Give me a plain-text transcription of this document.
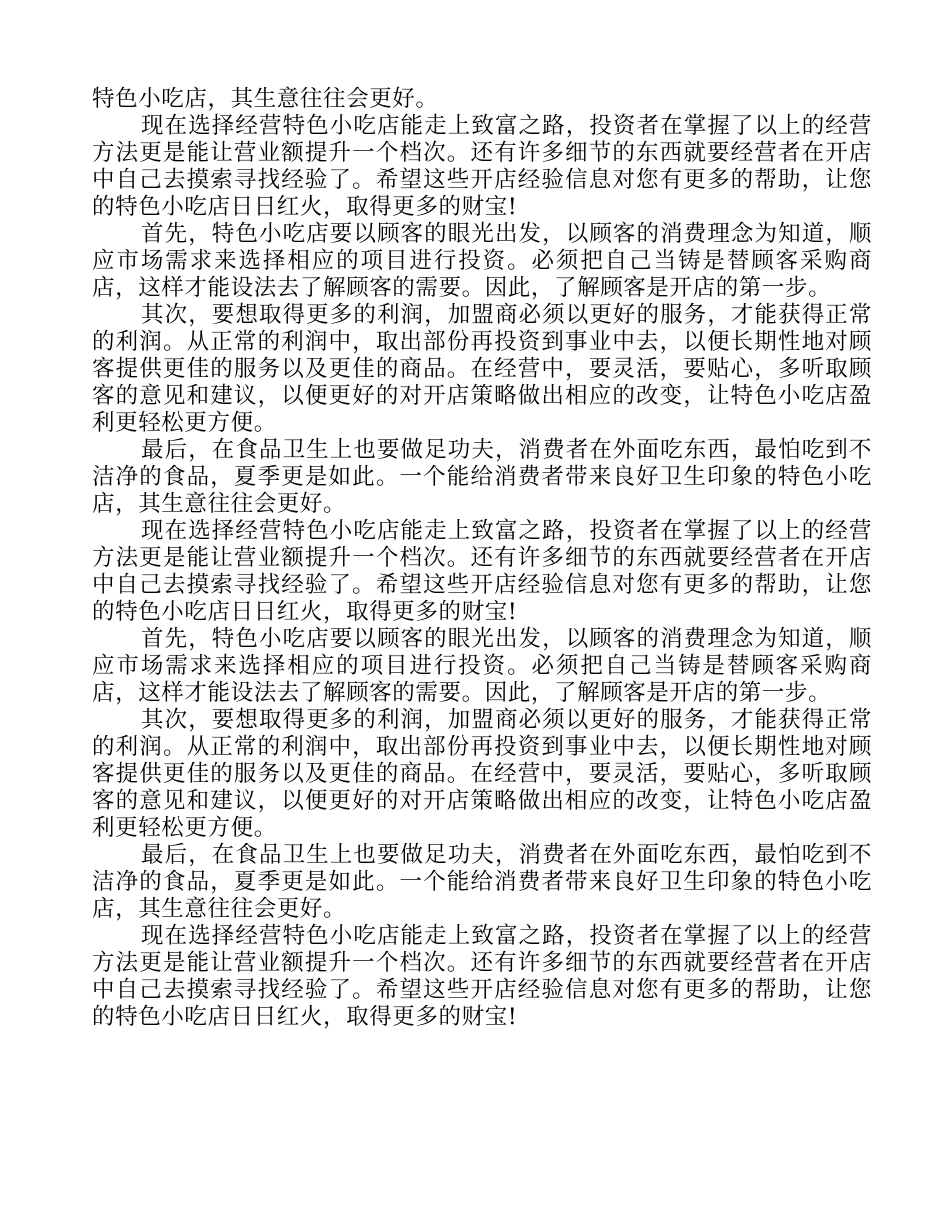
特色小吃店，其生意往往会更好。

现在选择经营特色小吃店能走上致富之路，投资者在掌握了以上的经营方法更是能让营业额提升一个档次。还有许多细节的东西就要经营者在开店中自己去摸索寻找经验了。希望这些开店经验信息对您有更多的帮助，让您的特色小吃店日日红火，取得更多的财宝!

首先，特色小吃店要以顾客的眼光出发，以顾客的消费理念为知道，顺应市场需求来选择相应的项目进行投资。必须把自己当铸是替顾客采购商店，这样才能设法去了解顾客的需要。因此，了解顾客是开店的第一步。

其次，要想取得更多的利润，加盟商必须以更好的服务，才能获得正常的利润。从正常的利润中，取出部份再投资到事业中去，以便长期性地对顾客提供更佳的服务以及更佳的商品。在经营中，要灵活，要贴心，多听取顾客的意见和建议，以便更好的对开店策略做出相应的改变，让特色小吃店盈利更轻松更方便。

最后，在食品卫生上也要做足功夫，消费者在外面吃东西，最怕吃到不洁净的食品，夏季更是如此。一个能给消费者带来良好卫生印象的特色小吃店，其生意往往会更好。

现在选择经营特色小吃店能走上致富之路，投资者在掌握了以上的经营方法更是能让营业额提升一个档次。还有许多细节的东西就要经营者在开店中自己去摸索寻找经验了。希望这些开店经验信息对您有更多的帮助，让您的特色小吃店日日红火，取得更多的财宝!

首先，特色小吃店要以顾客的眼光出发，以顾客的消费理念为知道，顺应市场需求来选择相应的项目进行投资。必须把自己当铸是替顾客采购商店，这样才能设法去了解顾客的需要。因此，了解顾客是开店的第一步。

其次，要想取得更多的利润，加盟商必须以更好的服务，才能获得正常的利润。从正常的利润中，取出部份再投资到事业中去，以便长期性地对顾客提供更佳的服务以及更佳的商品。在经营中，要灵活，要贴心，多听取顾客的意见和建议，以便更好的对开店策略做出相应的改变，让特色小吃店盈利更轻松更方便。

最后，在食品卫生上也要做足功夫，消费者在外面吃东西，最怕吃到不洁净的食品，夏季更是如此。一个能给消费者带来良好卫生印象的特色小吃店，其生意往往会更好。

现在选择经营特色小吃店能走上致富之路，投资者在掌握了以上的经营方法更是能让营业额提升一个档次。还有许多细节的东西就要经营者在开店中自己去摸索寻找经验了。希望这些开店经验信息对您有更多的帮助，让您的特色小吃店日日红火，取得更多的财宝!
